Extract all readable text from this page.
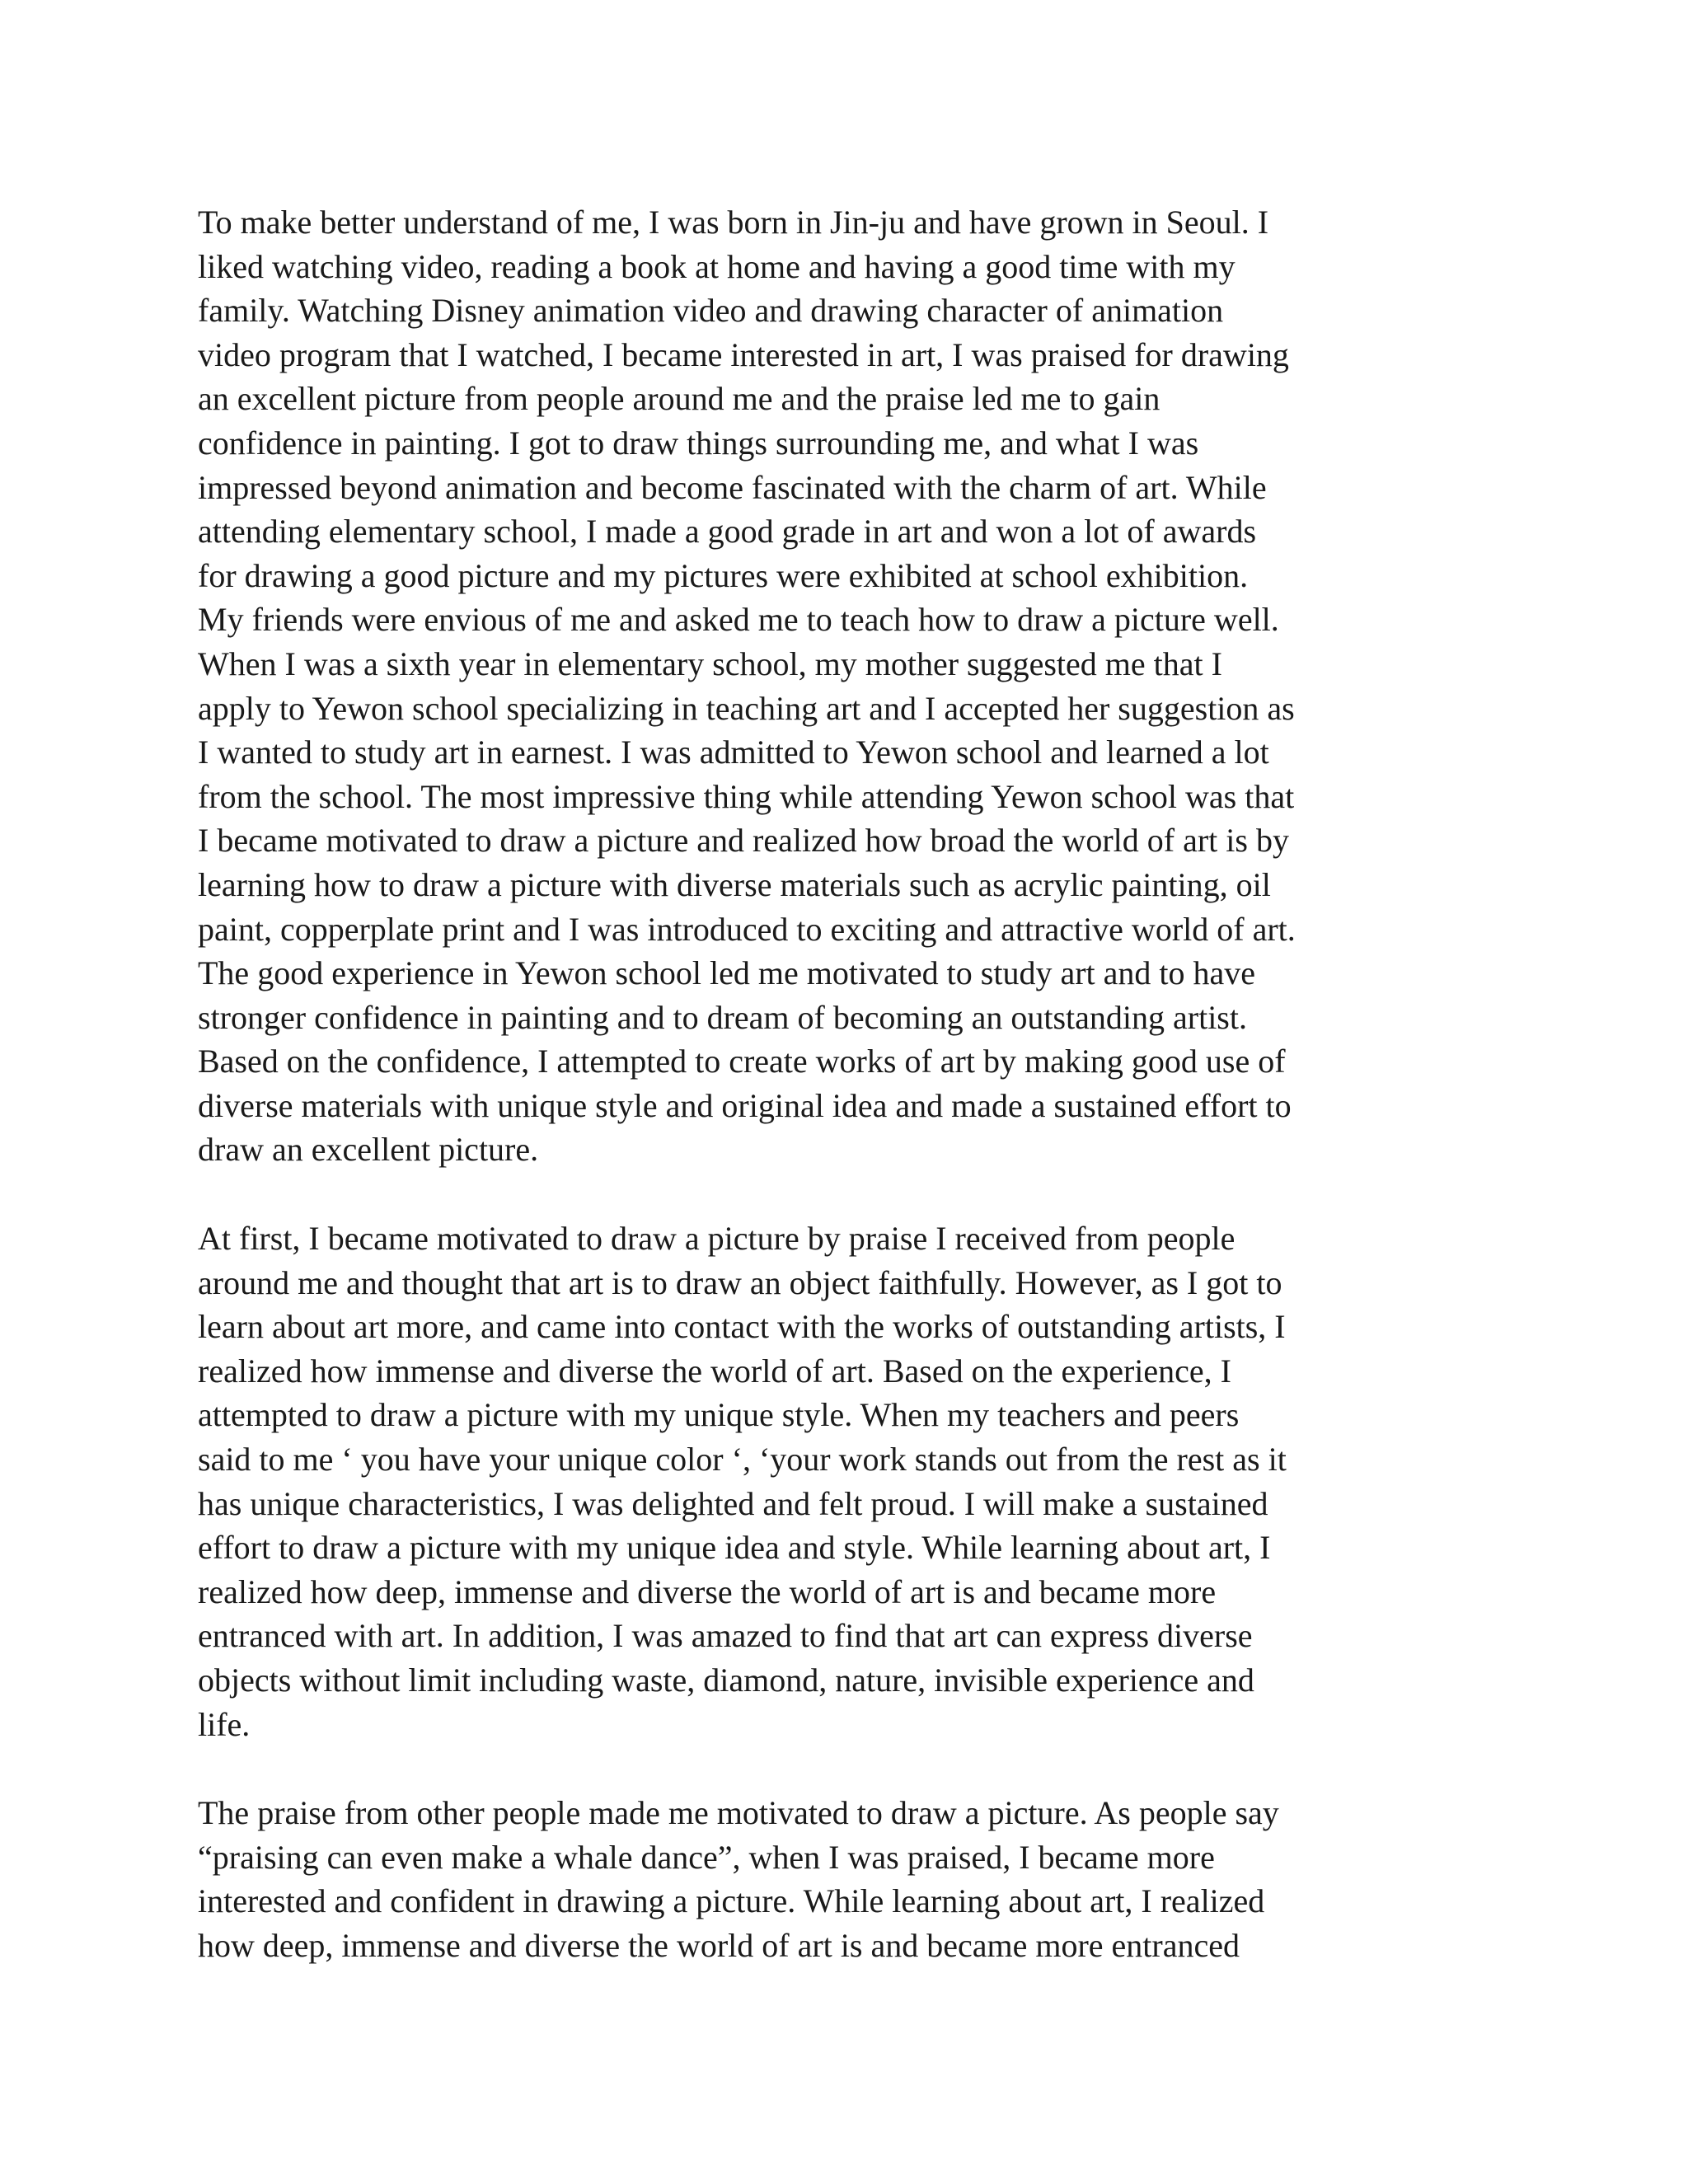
To make better understand of me, I was born in Jin-ju and have grown in Seoul. I
liked watching video, reading a book at home and having a good time with my
family. Watching Disney animation video and drawing character of animation
video program that I watched, I became interested in art, I was praised for drawing
an excellent picture from people around me and the praise led me to gain
confidence in painting. I got to draw things surrounding me, and what I was
impressed beyond animation and become fascinated with the charm of art. While
attending elementary school, I made a good grade in art and won a lot of awards
for drawing a good picture and my pictures were exhibited at school exhibition.
My friends were envious of me and asked me to teach how to draw a picture well.
When I was a sixth year in elementary school, my mother suggested me that I
apply to Yewon school specializing in teaching art and I accepted her suggestion as
I wanted to study art in earnest. I was admitted to Yewon school and learned a lot
from the school. The most impressive thing while attending Yewon school was that
I became motivated to draw a picture and realized how broad the world of art is by
learning how to draw a picture with diverse materials such as acrylic painting, oil
paint, copperplate print and I was introduced to exciting and attractive world of art.
The good experience in Yewon school led me motivated to study art and to have
stronger confidence in painting and to dream of becoming an outstanding artist.
Based on the confidence, I attempted to create works of art by making good use of
diverse materials with unique style and original idea and made a sustained effort to
draw an excellent picture.

At first, I became motivated to draw a picture by praise I received from people
around me and thought that art is to draw an object faithfully. However, as I got to
learn about art more, and came into contact with the works of outstanding artists, I
realized how immense and diverse the world of art. Based on the experience, I
attempted to draw a picture with my unique style. When my teachers and peers
said to me ‘ you have your unique color ‘, ‘your work stands out from the rest as it
has unique characteristics, I was delighted and felt proud. I will make a sustained
effort to draw a picture with my unique idea and style. While learning about art, I
realized how deep, immense and diverse the world of art is and became more
entranced with art. In addition, I was amazed to find that art can express diverse
objects without limit including waste, diamond, nature, invisible experience and
life.

The praise from other people made me motivated to draw a picture. As people say
“praising can even make a whale dance”, when I was praised, I became more
interested and confident in drawing a picture. While learning about art, I realized
how deep, immense and diverse the world of art is and became more entranced
